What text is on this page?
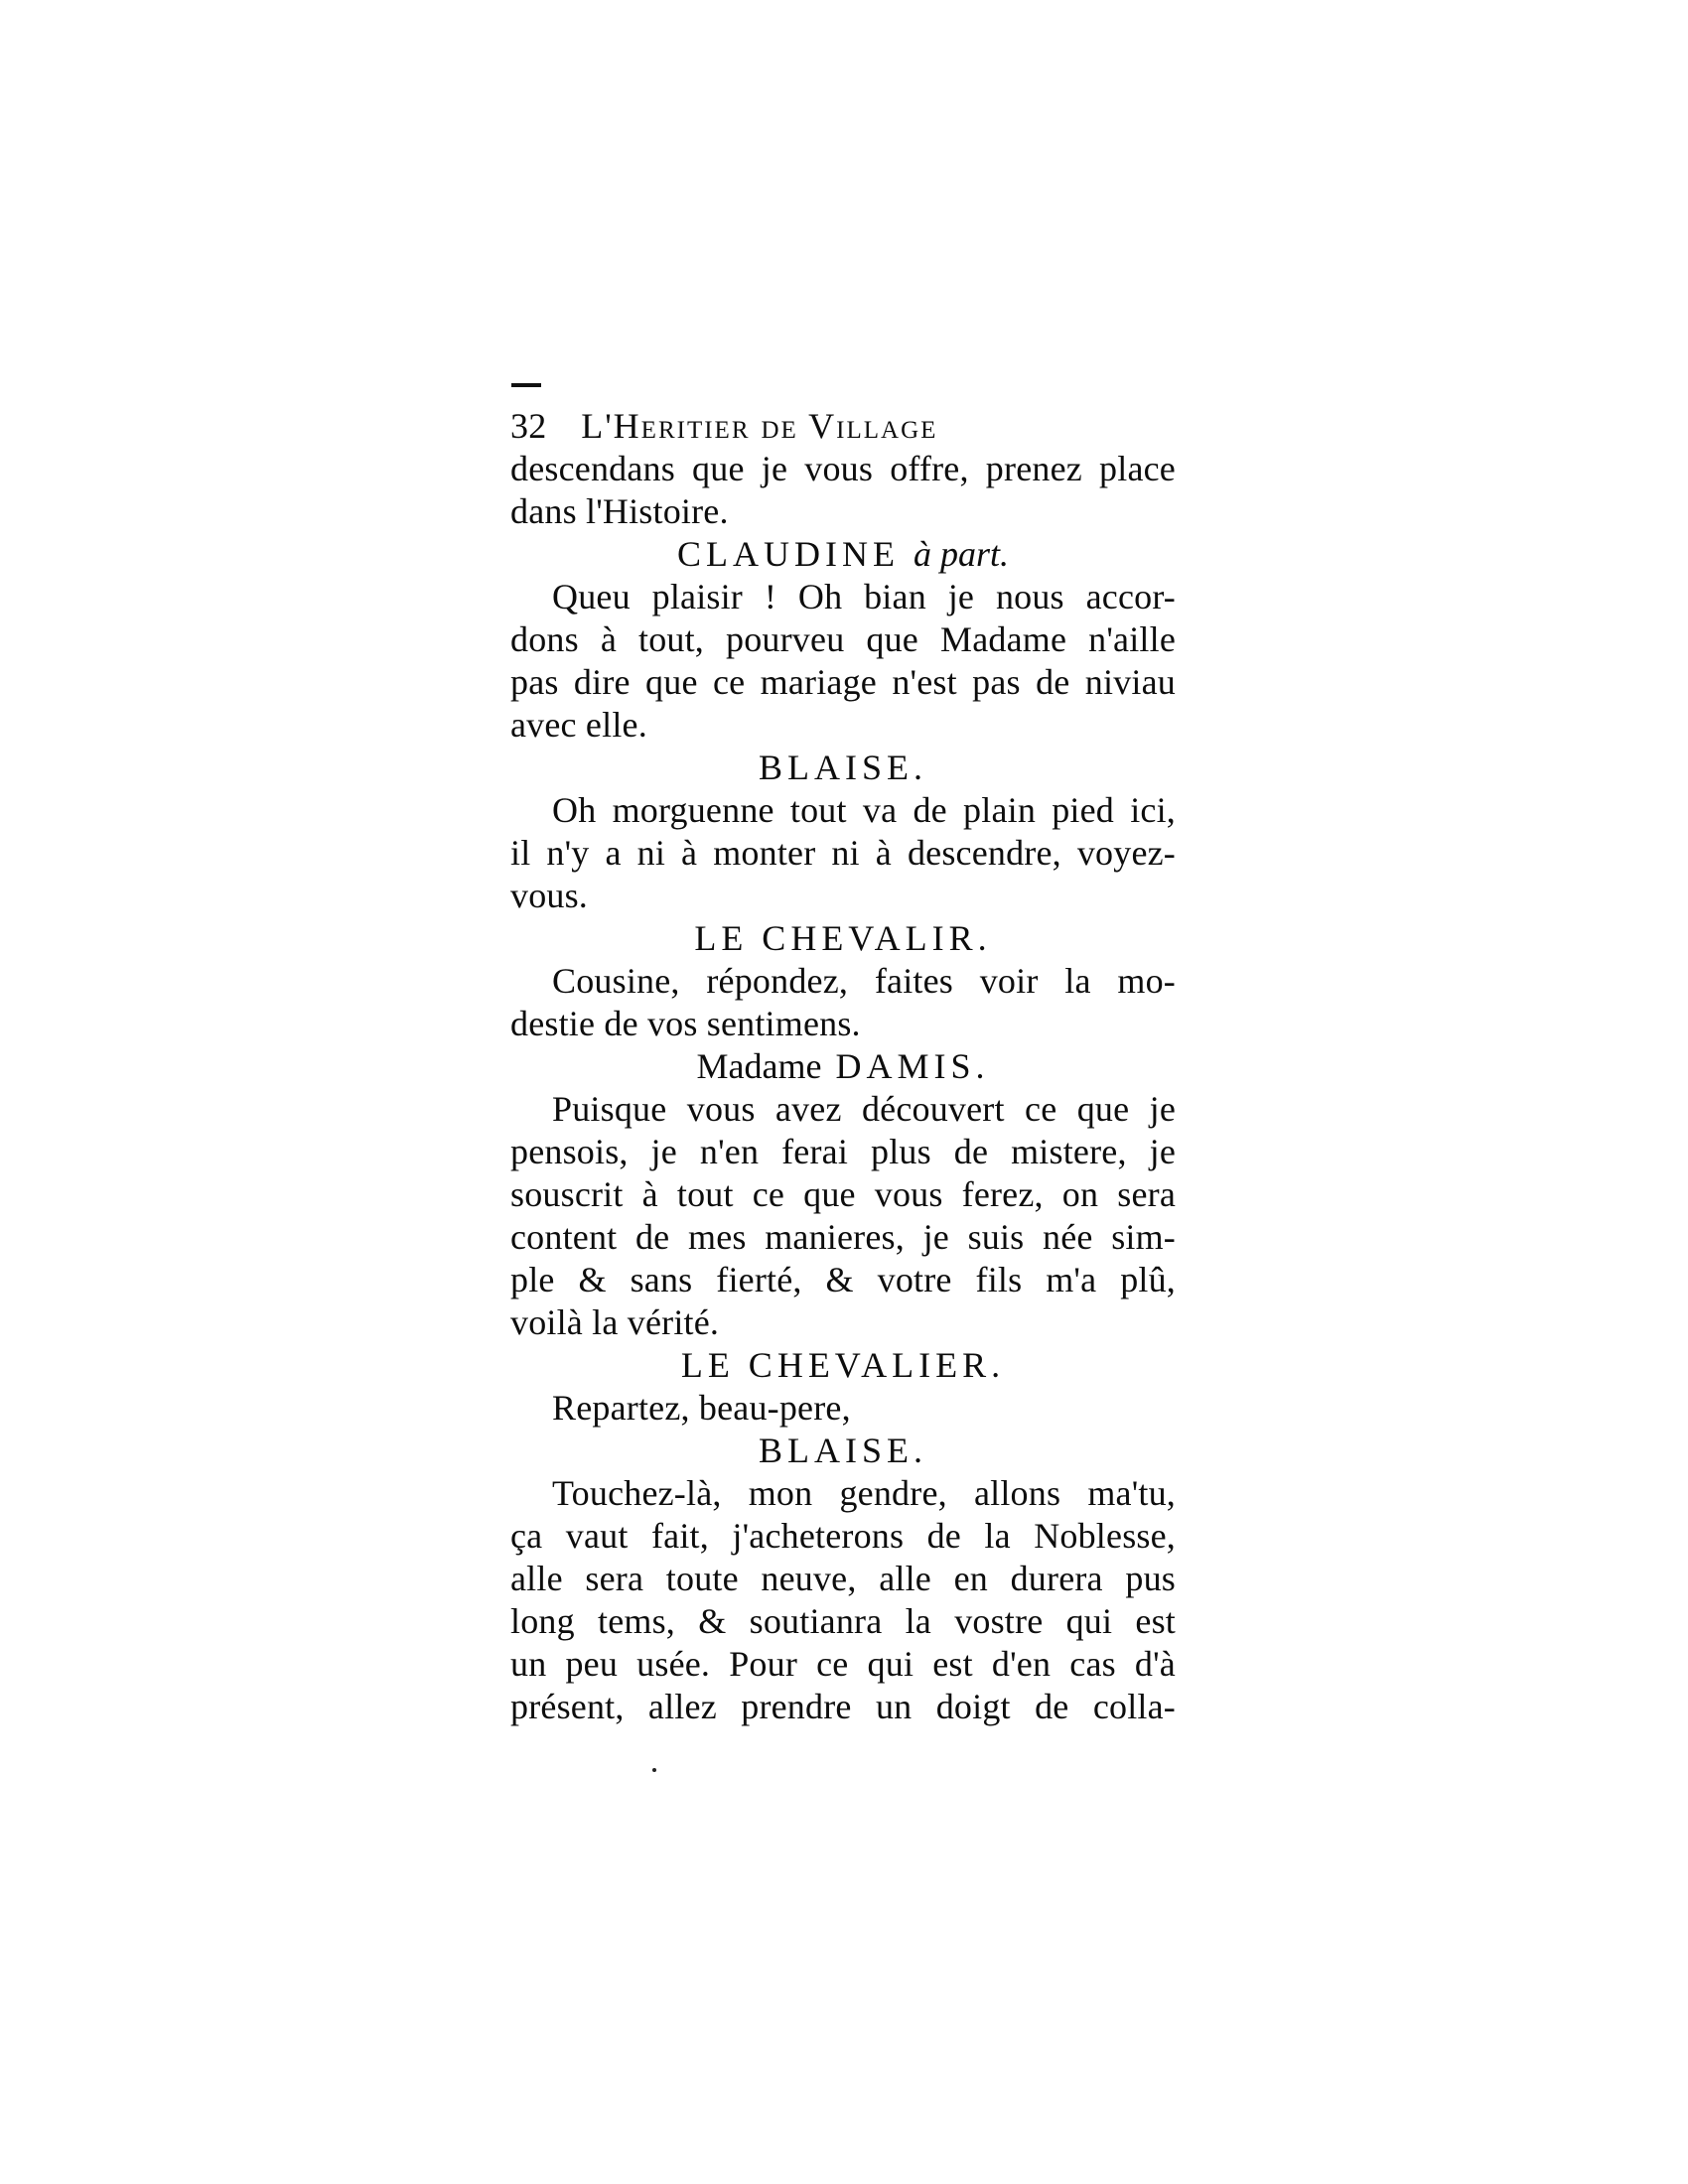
32 L'Heritier de Village
descendans que je vous offre, prenez place
dans l'Histoire.
CLAUDINE à part.
Queu plaisir ! Oh bian je nous accor-
dons à tout, pourveu que Madame n'aille
pas dire que ce mariage n'est pas de niviau
avec elle.
BLAISE.
Oh morguenne tout va de plain pied ici,
il n'y a ni à monter ni à descendre, voyez-
vous.
LE CHEVALIR.
Cousine, répondez, faites voir la mo-
destie de vos sentimens.
Madame DAMIS.
Puisque vous avez découvert ce que je
pensois, je n'en ferai plus de mistere, je
souscrit à tout ce que vous ferez, on sera
content de mes manieres, je suis née sim-
ple & sans fierté, & votre fils m'a plû,
voilà la vérité.
LE CHEVALIER.
Repartez, beau-pere,
BLAISE.
Touchez-là, mon gendre, allons ma'tu,
ça vaut fait, j'acheterons de la Noblesse,
alle sera toute neuve, alle en durera pus
long tems, & soutianra la vostre qui est
un peu usée. Pour ce qui est d'en cas d'à
présent, allez prendre un doigt de colla-
